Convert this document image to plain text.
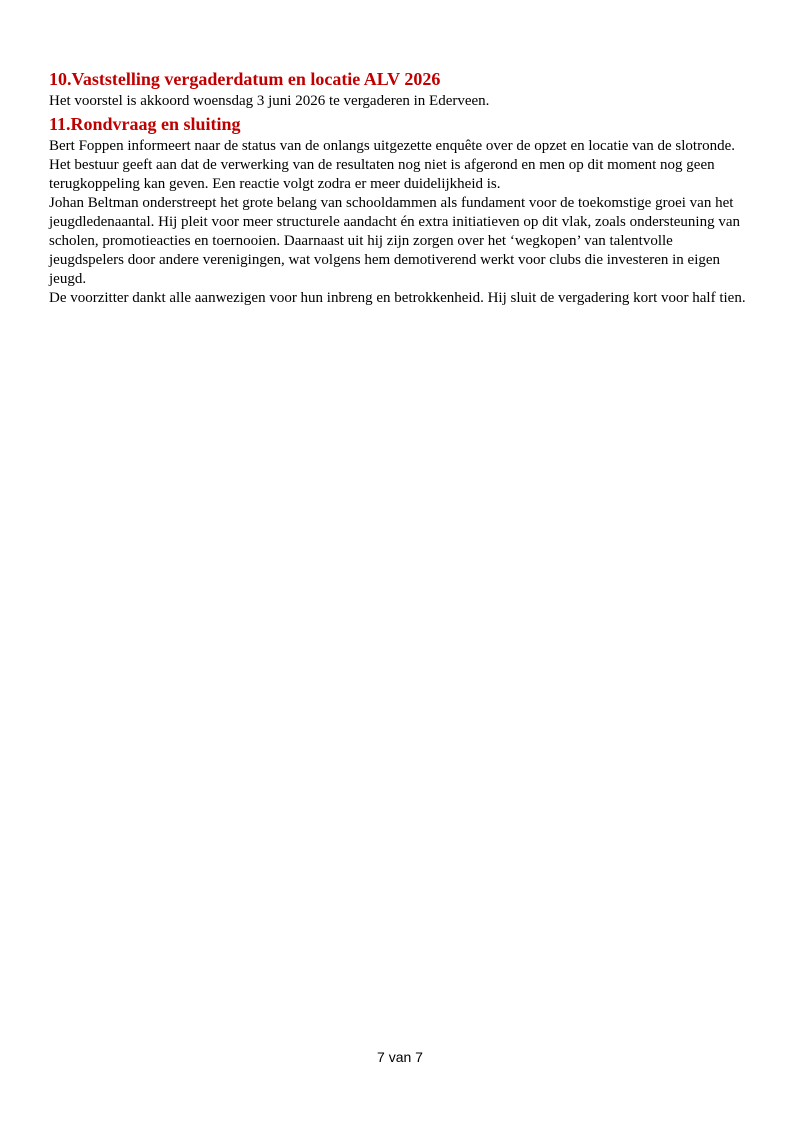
10.Vaststelling vergaderdatum en locatie ALV 2026

Het voorstel is akkoord woensdag 3 juni 2026 te vergaderen in Ederveen.

11.Rondvraag en sluiting

Bert Foppen informeert naar de status van de onlangs uitgezette enquête over de opzet en locatie van de slotronde. Het bestuur geeft aan dat de verwerking van de resultaten nog niet is afgerond en men op dit moment nog geen terugkoppeling kan geven. Een reactie volgt zodra er meer duidelijkheid is.

Johan Beltman onderstreept het grote belang van schooldammen als fundament voor de toekomstige groei van het jeugdledenaantal. Hij pleit voor meer structurele aandacht én extra initiatieven op dit vlak, zoals ondersteuning van scholen, promotieacties en toernooien. Daarnaast uit hij zijn zorgen over het ‘wegkopen’ van talentvolle jeugdspelers door andere verenigingen, wat volgens hem demotiverend werkt voor clubs die investeren in eigen jeugd.

De voorzitter dankt alle aanwezigen voor hun inbreng en betrokkenheid. Hij sluit de vergadering kort voor half tien.

7 van 7
